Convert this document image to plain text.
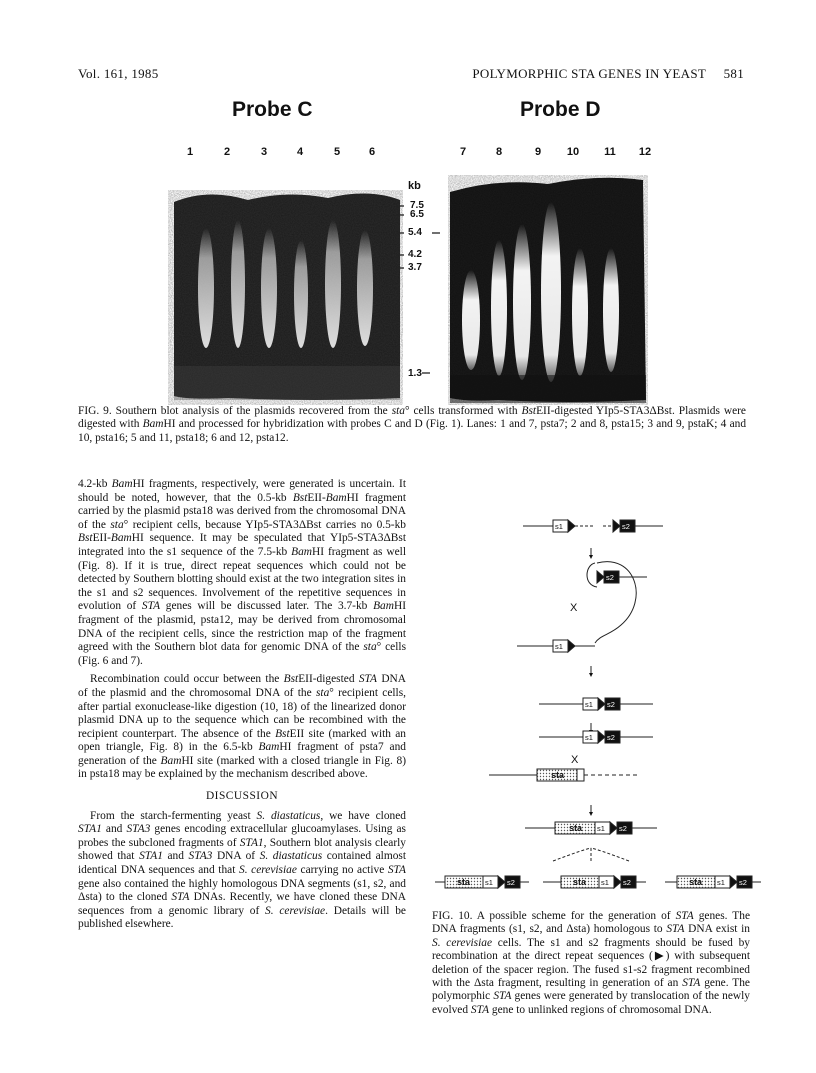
Vol. 161, 1985	POLYMORPHIC STA GENES IN YEAST     581
Probe C	Probe D
1	2	3	4	5	6	7	8	9	10 11 12
kb
7.5
6.5
5.4
4.2
3.7
1.3
FIG. 9. Southern blot analysis of the plasmids recovered from the sta° cells transformed with BstEII-digested YIp5-STA3ΔBst. Plasmids were digested with BamHI and processed for hybridization with probes C and D (Fig. 1). Lanes: 1 and 7, psta7; 2 and 8, psta15; 3 and 9, pstaK; 4 and 10, psta16; 5 and 11, psta18; 6 and 12, psta12.

4.2-kb BamHI fragments, respectively, were generated is uncertain. It should be noted, however, that the 0.5-kb BstEII-BamHI fragment carried by the plasmid psta18 was derived from the chromosomal DNA of the sta° recipient cells, because YIp5-STA3ΔBst carries no 0.5-kb BstEII-BamHI sequence. It may be speculated that YIp5-STA3ΔBst integrated into the s1 sequence of the 7.5-kb BamHI fragment as well (Fig. 8). If it is true, direct repeat sequences which could not be detected by Southern blotting should exist at the two integration sites in the s1 and s2 sequences. Involvement of the repetitive sequences in evolution of STA genes will be discussed later. The 3.7-kb BamHI fragment of the plasmid, psta12, may be derived from chromosomal DNA of the recipient cells, since the restriction map of the fragment agreed with the Southern blot data for genomic DNA of the sta° cells (Fig. 6 and 7).

Recombination could occur between the BstEII-digested STA DNA of the plasmid and the chromosomal DNA of the sta° recipient cells, after partial exonuclease-like digestion (10, 18) of the linearized donor plasmid DNA up to the sequence which can be recombined with the recipient counterpart. The absence of the BstEII site (marked with an open triangle, Fig. 8) in the 6.5-kb BamHI fragment of psta7 and generation of the BamHI site (marked with a closed triangle in Fig. 8) in psta18 may be explained by the mechanism described above.

DISCUSSION

From the starch-fermenting yeast S. diastaticus, we have cloned STA1 and STA3 genes encoding extracellular glucoamylases. Using as probes the subcloned fragments of STA1, Southern blot analysis clearly showed that STA1 and STA3 DNA of S. diastaticus contained almost identical DNA sequences and that S. cerevisiae carrying no active STA gene also contained the highly homologous DNA segments (s1, s2, and Δsta) to the cloned STA DNAs. Recently, we have cloned these DNA sequences from a genomic library of S. cerevisiae. Details will be published elsewhere.

s1	s2
s2
X
s1
s1 s2
s1 s2
X
sta
sta s1 s2
sta s1 s2	sta s1 s2	sta s1 s2
FIG. 10. A possible scheme for the generation of STA genes. The DNA fragments (s1, s2, and Δsta) homologous to STA DNA exist in S. cerevisiae cells. The s1 and s2 fragments should be fused by recombination at the direct repeat sequences (▶) with subsequent deletion of the spacer region. The fused s1-s2 fragment recombined with the Δsta fragment, resulting in generation of an STA gene. The polymorphic STA genes were generated by translocation of the newly evolved STA gene to unlinked regions of chromosomal DNA.
